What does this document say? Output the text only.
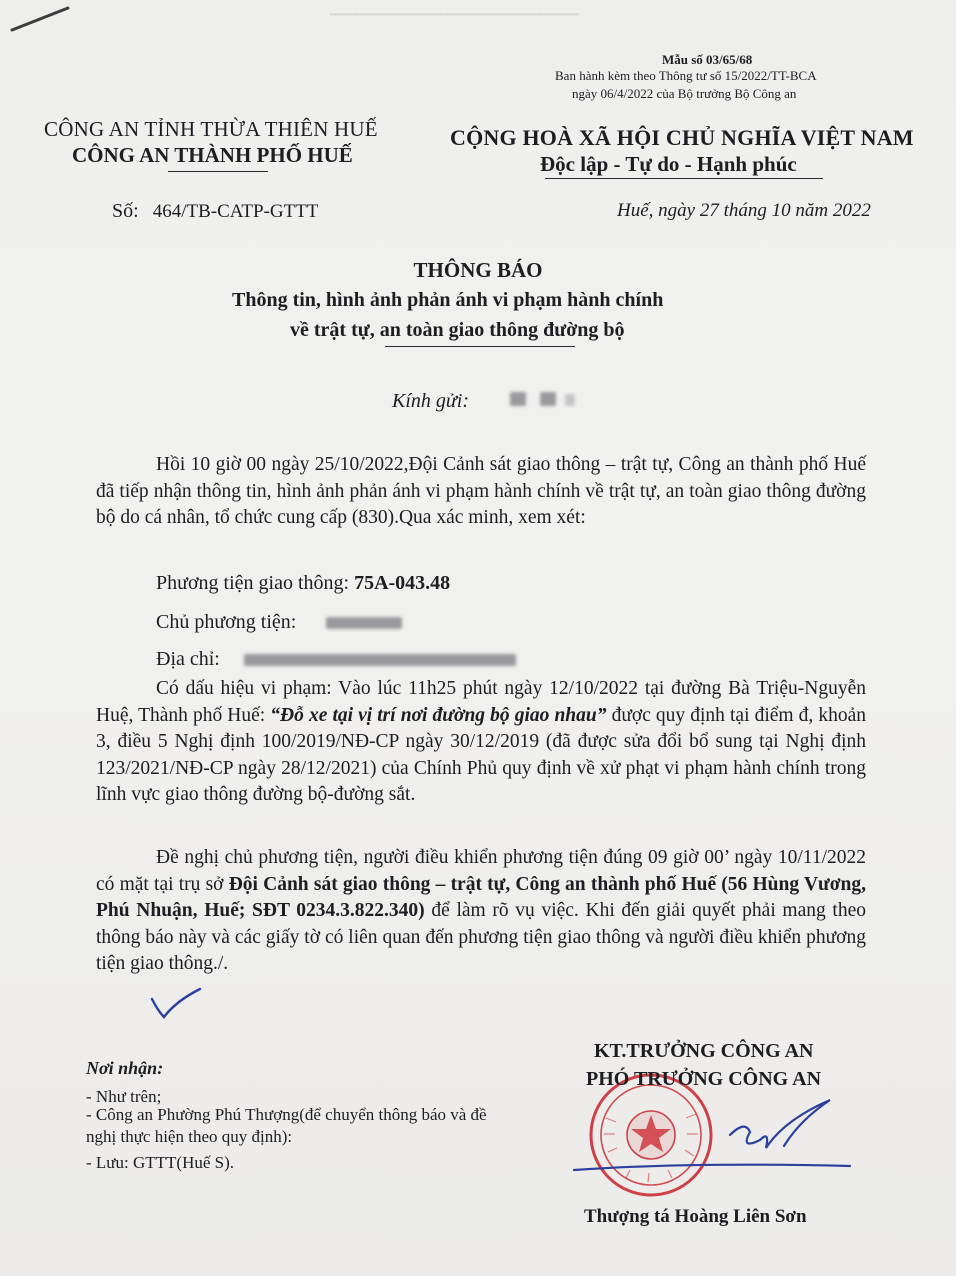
▔▔▔▔▔▔▔▔▔▔▔▔▔▔▔▔▔▔▔
Mẫu số 03/65/68
Ban hành kèm theo Thông tư số 15/2022/TT-BCA
ngày 06/4/2022 của Bộ trưởng Bộ Công an
CÔNG AN TỈNH THỪA THIÊN HUẾ
CÔNG AN THÀNH PHỐ HUẾ
CỘNG HOÀ XÃ HỘI CHỦ NGHĨA VIỆT NAM
Độc lập - Tự do - Hạnh phúc
Số: 464/TB-CATP-GTTT	Huế, ngày 27 tháng 10 năm 2022
THÔNG BÁO
Thông tin, hình ảnh phản ánh vi phạm hành chính
về trật tự, an toàn giao thông đường bộ
Kính gửi:
Hồi 10 giờ 00 ngày 25/10/2022,Đội Cảnh sát giao thông – trật tự, Công an thành phố Huế đã tiếp nhận thông tin, hình ảnh phản ánh vi phạm hành chính về trật tự, an toàn giao thông đường bộ do cá nhân, tổ chức cung cấp (830).Qua xác minh, xem xét:
Phương tiện giao thông: 75A-043.48
Chủ phương tiện:
Địa chỉ:
Có dấu hiệu vi phạm: Vào lúc 11h25 phút ngày 12/10/2022 tại đường Bà Triệu-Nguyễn Huệ, Thành phố Huế: “Đỗ xe tại vị trí nơi đường bộ giao nhau” được quy định tại điểm đ, khoản 3, điều 5 Nghị định 100/2019/NĐ-CP ngày 30/12/2019 (đã được sửa đổi bổ sung tại Nghị định 123/2021/NĐ-CP ngày 28/12/2021) của Chính Phủ quy định về xử phạt vi phạm hành chính trong lĩnh vực giao thông đường bộ-đường sắt.
Đề nghị chủ phương tiện, người điều khiển phương tiện đúng 09 giờ 00’ ngày 10/11/2022 có mặt tại trụ sở Đội Cảnh sát giao thông – trật tự, Công an thành phố Huế (56 Hùng Vương, Phú Nhuận, Huế; SĐT 0234.3.822.340) để làm rõ vụ việc. Khi đến giải quyết phải mang theo thông báo này và các giấy tờ có liên quan đến phương tiện giao thông và người điều khiển phương tiện giao thông./.
Nơi nhận:
- Như trên;
- Công an Phường Phú Thượng(để chuyển thông báo và đề nghị thực hiện theo quy định):
- Lưu: GTTT(Huế S).
KT.TRƯỞNG CÔNG AN
PHÓ TRƯỞNG CÔNG AN
Thượng tá Hoàng Liên Sơn
